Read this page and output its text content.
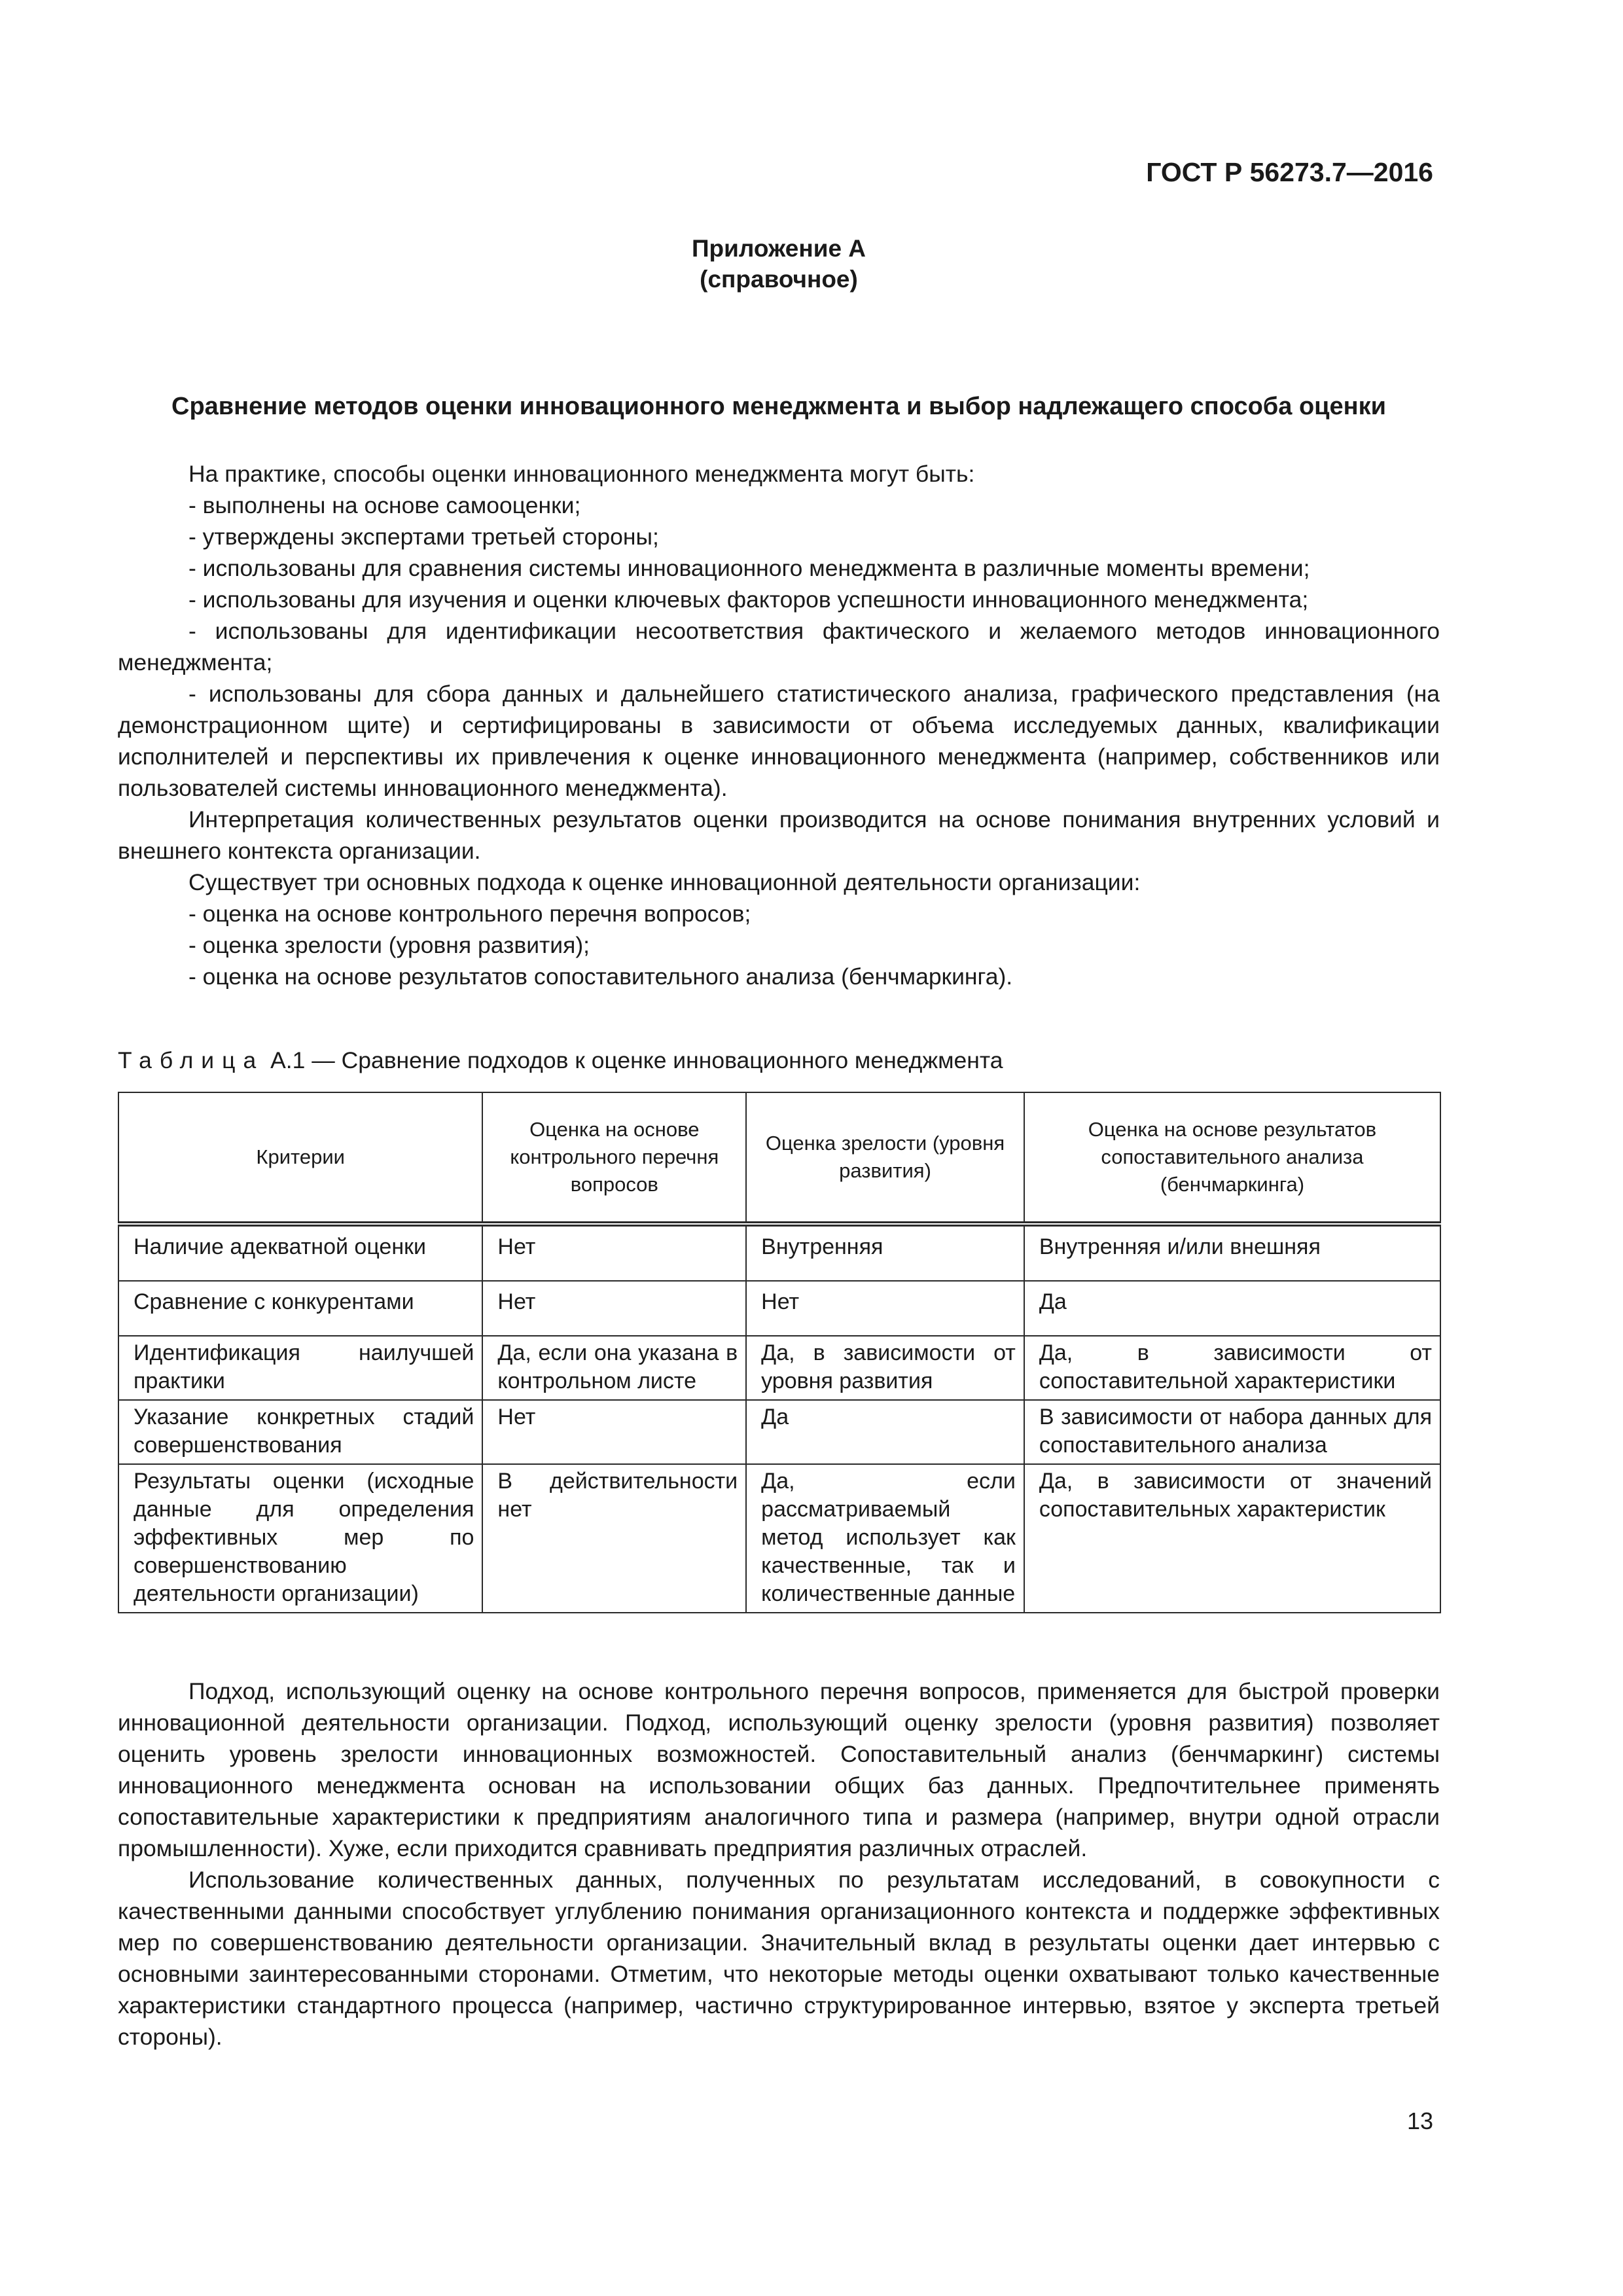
ГОСТ Р 56273.7—2016
Приложение А
(справочное)
Сравнение методов оценки инновационного менеджмента и выбор надлежащего способа оценки

На практике, способы оценки инновационного менеджмента могут быть:

- выполнены на основе самооценки;

- утверждены экспертами третьей стороны;

- использованы для сравнения системы инновационного менеджмента в различные моменты времени;

- использованы для изучения и оценки ключевых факторов успешности инновационного менеджмента;

- использованы для идентификации несоответствия фактического и желаемого методов инновационного менеджмента;

- использованы для сбора данных и дальнейшего статистического анализа, графического представления (на демонстрационном щите) и сертифицированы в зависимости от объема исследуемых данных, квалификации исполнителей и перспективы их привлечения к оценке инновационного менеджмента (например, собственников или пользователей системы инновационного менеджмента).

Интерпретация количественных результатов оценки производится на основе понимания внутренних условий и внешнего контекста организации.

Существует три основных подхода к оценке инновационной деятельности организации:

- оценка на основе контрольного перечня вопросов;

- оценка зрелости (уровня развития);

- оценка на основе результатов сопоставительного анализа (бенчмаркинга).

Таблица А.1 — Сравнение подходов к оценке инновационного менеджмента
Критерии	Оценка на основе контрольного перечня вопросов	Оценка зрелости (уровня развития)	Оценка на основе результатов сопоставительного анализа (бенчмаркинга)
Наличие адекватной оценки	Нет	Внутренняя	Внутренняя и/или внешняя
Сравнение с конкурентами	Нет	Нет	Да
Идентификация наилучшей практики	Да, если она указана в контрольном листе	Да, в зависимости от уровня развития	Да, в зависимости от сопоставительной характеристики
Указание конкретных стадий совершенствования	Нет	Да	В зависимости от набора данных для сопоставительного анализа
Результаты оценки (исходные данные для определения эффективных мер по совершенствованию деятельности организации)	В действительности нет	Да, если рассматриваемый метод использует как качественные, так и количественные данные	Да, в зависимости от значений сопоставительных характеристик

Подход, использующий оценку на основе контрольного перечня вопросов, применяется для быстрой проверки инновационной деятельности организации. Подход, использующий оценку зрелости (уровня развития) позволяет оценить уровень зрелости инновационных возможностей. Сопоставительный анализ (бенчмаркинг) системы инновационного менеджмента основан на использовании общих баз данных. Предпочтительнее применять сопоставительные характеристики к предприятиям аналогичного типа и размера (например, внутри одной отрасли промышленности). Хуже, если приходится сравнивать предприятия различных отраслей.

Использование количественных данных, полученных по результатам исследований, в совокупности с качественными данными способствует углублению понимания организационного контекста и поддержке эффективных мер по совершенствованию деятельности организации. Значительный вклад в результаты оценки дает интервью с основными заинтересованными сторонами. Отметим, что некоторые методы оценки охватывают только качественные характеристики стандартного процесса (например, частично структурированное интервью, взятое у эксперта третьей стороны).

13
